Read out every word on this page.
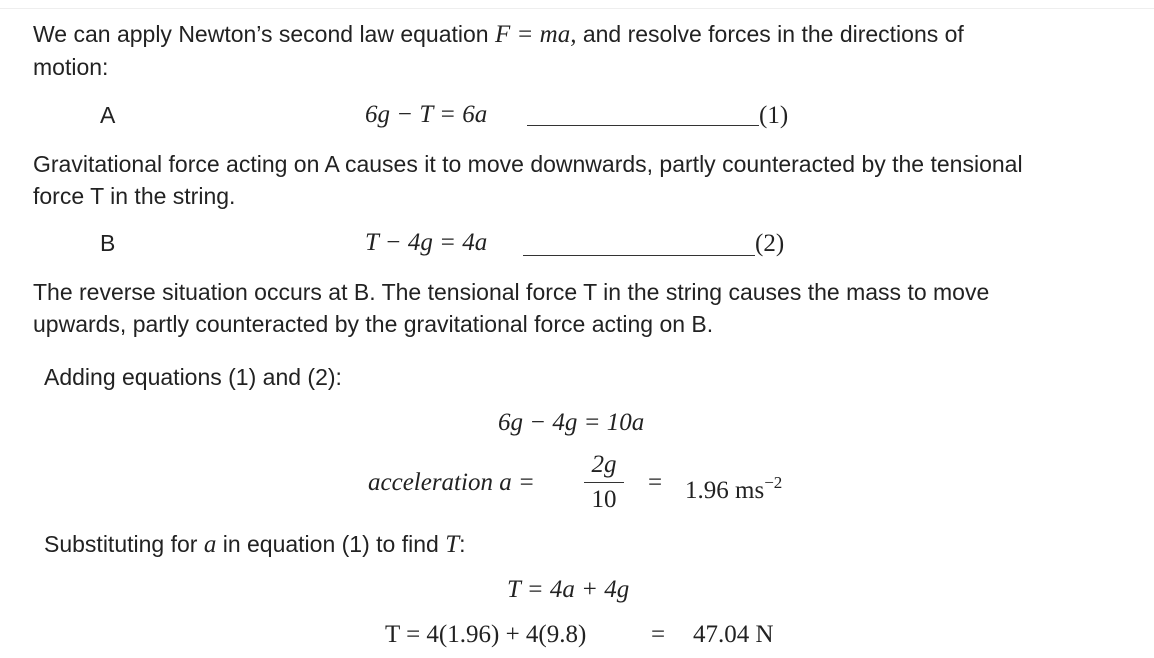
We can apply Newton’s second law equation F = ma, and resolve forces in the directions of
motion:
A	6g − T = 6a	(1)
Gravitational force acting on A causes it to move downwards, partly counteracted by the tensional
force T in the string.
B	T − 4g = 4a	(2)
The reverse situation occurs at B. The tensional force T in the string causes the mass to move
upwards, partly counteracted by the gravitational force acting on B.
Adding equations (1) and (2):
6g − 4g = 10a
acceleration a =
2g
10
= 1.96 $ms^{-2}$
Substituting for a in equation (1) to find T:
T = 4a + 4g
T = 4(1.96) + 4(9.8)	= 47.04 N
